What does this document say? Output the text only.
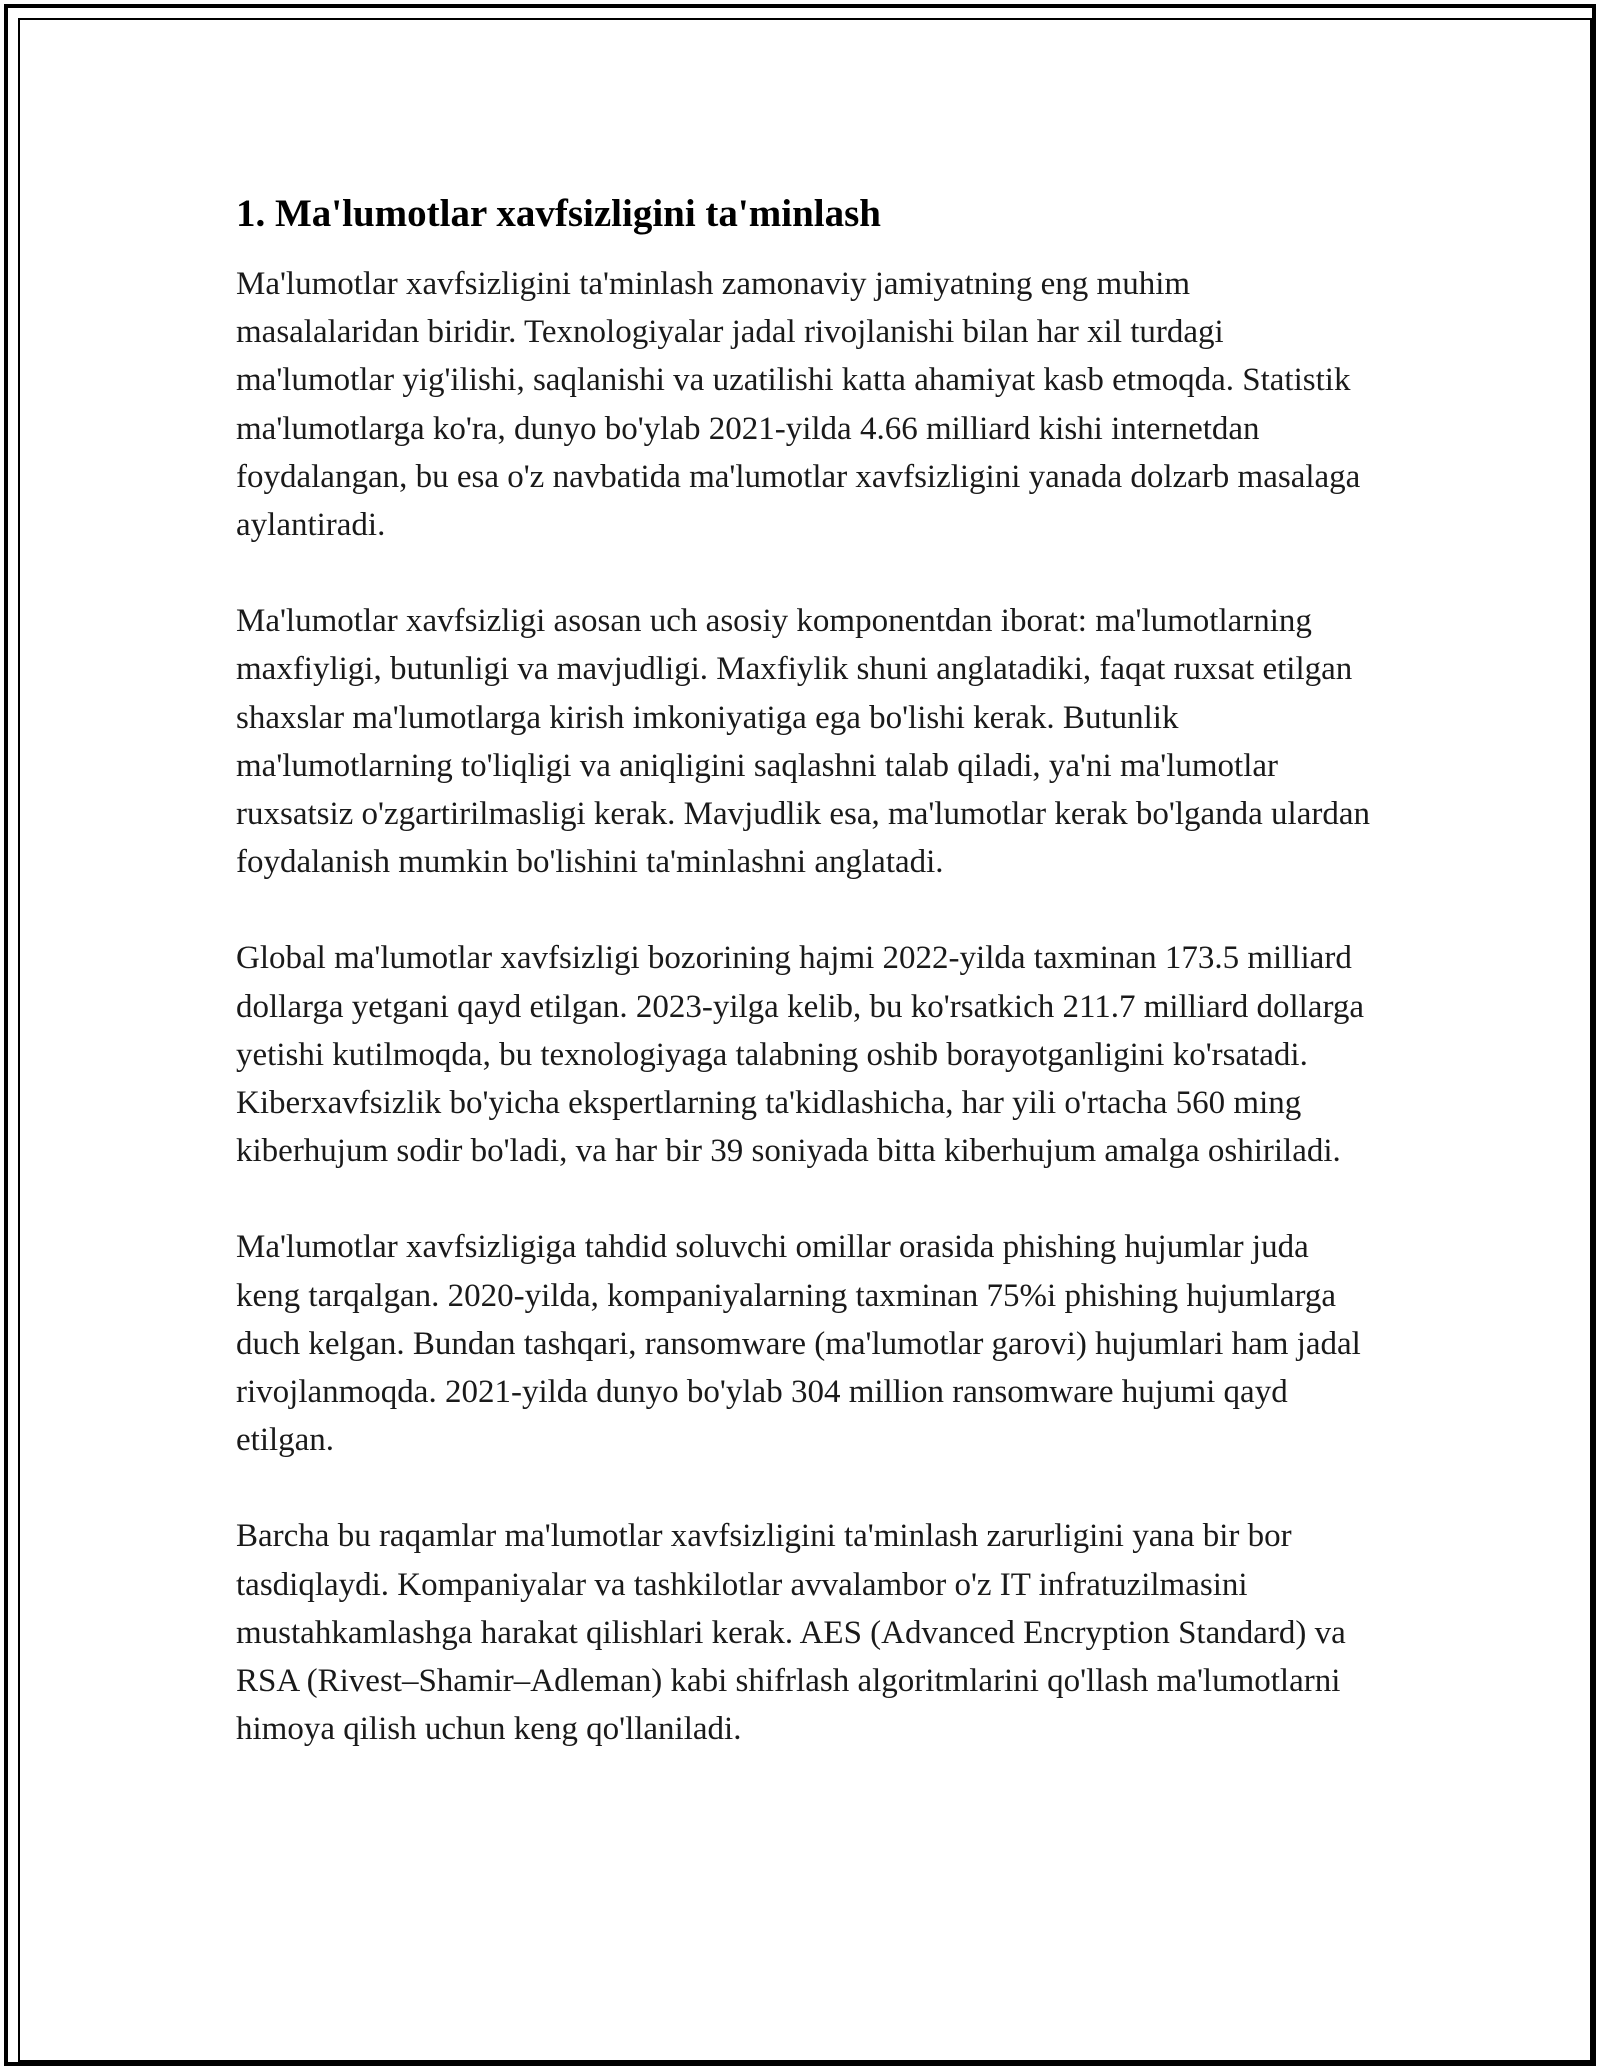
1. Ma'lumotlar xavfsizligini ta'minlash

Ma'lumotlar xavfsizligini ta'minlash zamonaviy jamiyatning eng muhim masalalaridan biridir. Texnologiyalar jadal rivojlanishi bilan har xil turdagi ma'lumotlar yig'ilishi, saqlanishi va uzatilishi katta ahamiyat kasb etmoqda. Statistik ma'lumotlarga ko'ra, dunyo bo'ylab 2021-yilda 4.66 milliard kishi internetdan foydalangan, bu esa o'z navbatida ma'lumotlar xavfsizligini yanada dolzarb masalaga aylantiradi.

Ma'lumotlar xavfsizligi asosan uch asosiy komponentdan iborat: ma'lumotlarning maxfiyligi, butunligi va mavjudligi. Maxfiylik shuni anglatadiki, faqat ruxsat etilgan shaxslar ma'lumotlarga kirish imkoniyatiga ega bo'lishi kerak. Butunlik ma'lumotlarning to'liqligi va aniqligini saqlashni talab qiladi, ya'ni ma'lumotlar ruxsatsiz o'zgartirilmasligi kerak. Mavjudlik esa, ma'lumotlar kerak bo'lganda ulardan foydalanish mumkin bo'lishini ta'minlashni anglatadi.

Global ma'lumotlar xavfsizligi bozorining hajmi 2022-yilda taxminan 173.5 milliard dollarga yetgani qayd etilgan. 2023-yilga kelib, bu ko'rsatkich 211.7 milliard dollarga yetishi kutilmoqda, bu texnologiyaga talabning oshib borayotganligini ko'rsatadi. Kiberxavfsizlik bo'yicha ekspertlarning ta'kidlashicha, har yili o'rtacha 560 ming kiberhujum sodir bo'ladi, va har bir 39 soniyada bitta kiberhujum amalga oshiriladi.

Ma'lumotlar xavfsizligiga tahdid soluvchi omillar orasida phishing hujumlar juda keng tarqalgan. 2020-yilda, kompaniyalarning taxminan 75%i phishing hujumlarga duch kelgan. Bundan tashqari, ransomware (ma'lumotlar garovi) hujumlari ham jadal rivojlanmoqda. 2021-yilda dunyo bo'ylab 304 million ransomware hujumi qayd etilgan.

Barcha bu raqamlar ma'lumotlar xavfsizligini ta'minlash zarurligini yana bir bor tasdiqlaydi. Kompaniyalar va tashkilotlar avvalambor o'z IT infratuzilmasini mustahkamlashga harakat qilishlari kerak. AES (Advanced Encryption Standard) va RSA (Rivest–Shamir–Adleman) kabi shifrlash algoritmlarini qo'llash ma'lumotlarni himoya qilish uchun keng qo'llaniladi.
